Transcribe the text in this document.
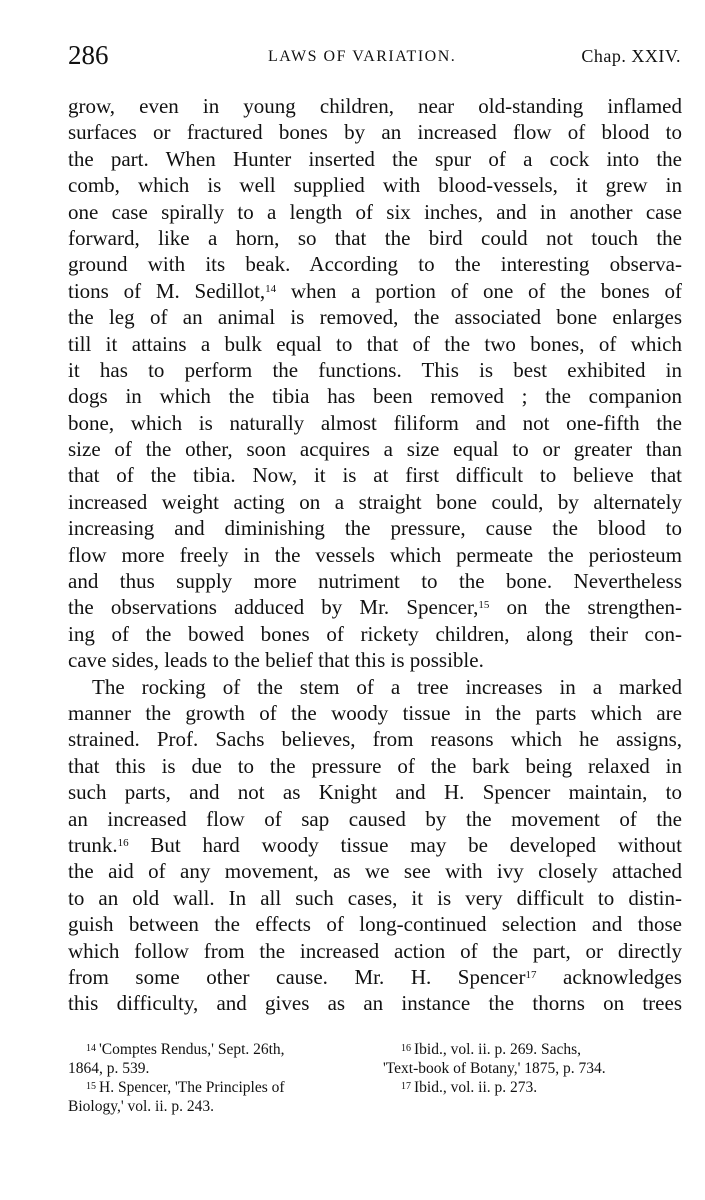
286	LAWS OF VARIATION.	Chap. XXIV.
grow, even in young children, near old-standing inflamed
surfaces or fractured bones by an increased flow of blood to
the part. When Hunter inserted the spur of a cock into the
comb, which is well supplied with blood-vessels, it grew in
one case spirally to a length of six inches, and in another case
forward, like a horn, so that the bird could not touch the
ground with its beak. According to the interesting observa-
tions of M. Sedillot,$^{14}$ when a portion of one of the bones of
the leg of an animal is removed, the associated bone enlarges
till it attains a bulk equal to that of the two bones, of which
it has to perform the functions. This is best exhibited in
dogs in which the tibia has been removed ; the companion
bone, which is naturally almost filiform and not one-fifth the
size of the other, soon acquires a size equal to or greater than
that of the tibia. Now, it is at first difficult to believe that
increased weight acting on a straight bone could, by alternately
increasing and diminishing the pressure, cause the blood to
flow more freely in the vessels which permeate the periosteum
and thus supply more nutriment to the bone. Nevertheless
the observations adduced by Mr. Spencer,$^{15}$ on the strengthen-
ing of the bowed bones of rickety children, along their con-
cave sides, leads to the belief that this is possible.
The rocking of the stem of a tree increases in a marked
manner the growth of the woody tissue in the parts which are
strained. Prof. Sachs believes, from reasons which he assigns,
that this is due to the pressure of the bark being relaxed in
such parts, and not as Knight and H. Spencer maintain, to
an increased flow of sap caused by the movement of the
trunk.$^{16}$ But hard woody tissue may be developed without
the aid of any movement, as we see with ivy closely attached
to an old wall. In all such cases, it is very difficult to distin-
guish between the effects of long-continued selection and those
which follow from the increased action of the part, or directly
from some other cause. Mr. H. Spencer$^{17}$ acknowledges
this difficulty, and gives as an instance the thorns on trees
$^{14}$ 'Comptes Rendus,' Sept. 26th,
1864, p. 539.
$^{15}$ H. Spencer, 'The Principles of
Biology,' vol. ii. p. 243.
$^{16}$ Ibid., vol. ii. p. 269. Sachs,
'Text-book of Botany,' 1875, p. 734.
$^{17}$ Ibid., vol. ii. p. 273.
